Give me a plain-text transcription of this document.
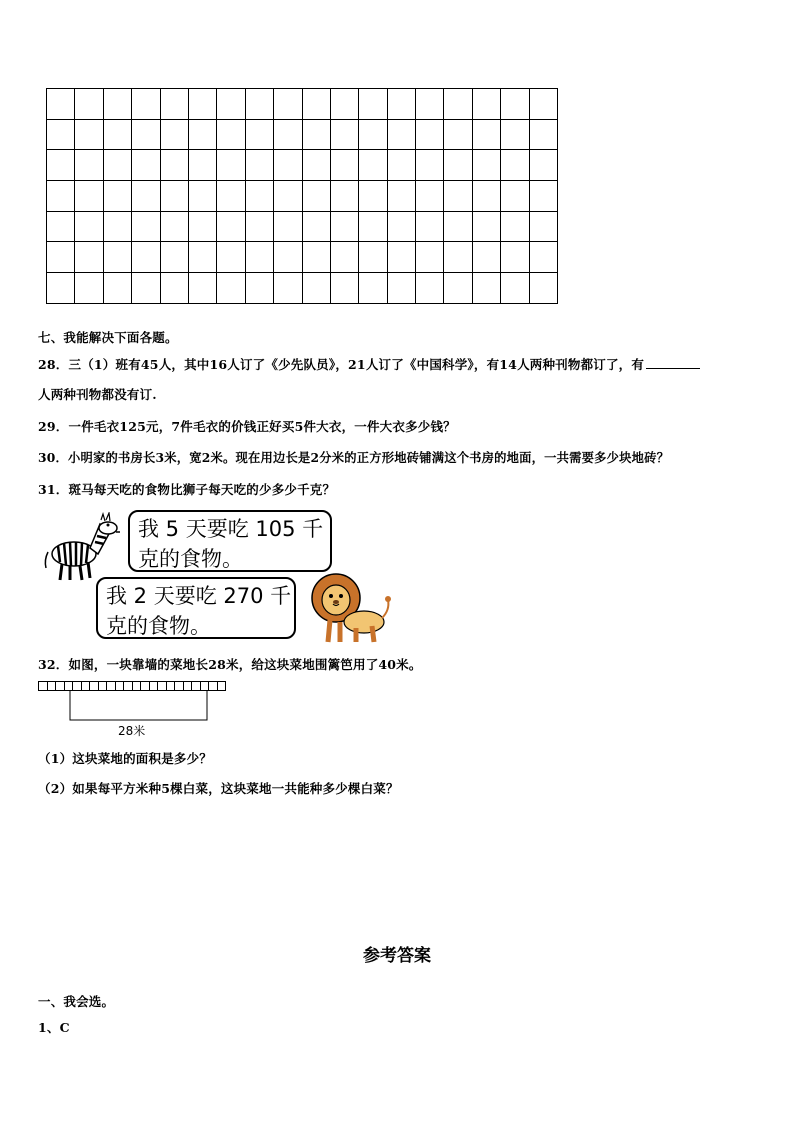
七、我能解决下面各题。
28．三（1）班有45人，其中16人订了《少先队员》，21人订了《中国科学》，有14人两种刊物都订了，有
人两种刊物都没有订.
29．一件毛衣125元，7件毛衣的价钱正好买5件大衣，一件大衣多少钱？
30．小明家的书房长3米，宽2米。现在用边长是2分米的正方形地砖铺满这个书房的地面，一共需要多少块地砖？
31．斑马每天吃的食物比狮子每天吃的少多少千克？
我 5 天要吃 105 千
克的食物。
我 2 天要吃 270 千
克的食物。
32．如图，一块靠墙的菜地长28米，给这块菜地围篱笆用了40米。
28米
（1）这块菜地的面积是多少？
（2）如果每平方米种5棵白菜，这块菜地一共能种多少棵白菜？
参考答案
一、我会选。
1、C
